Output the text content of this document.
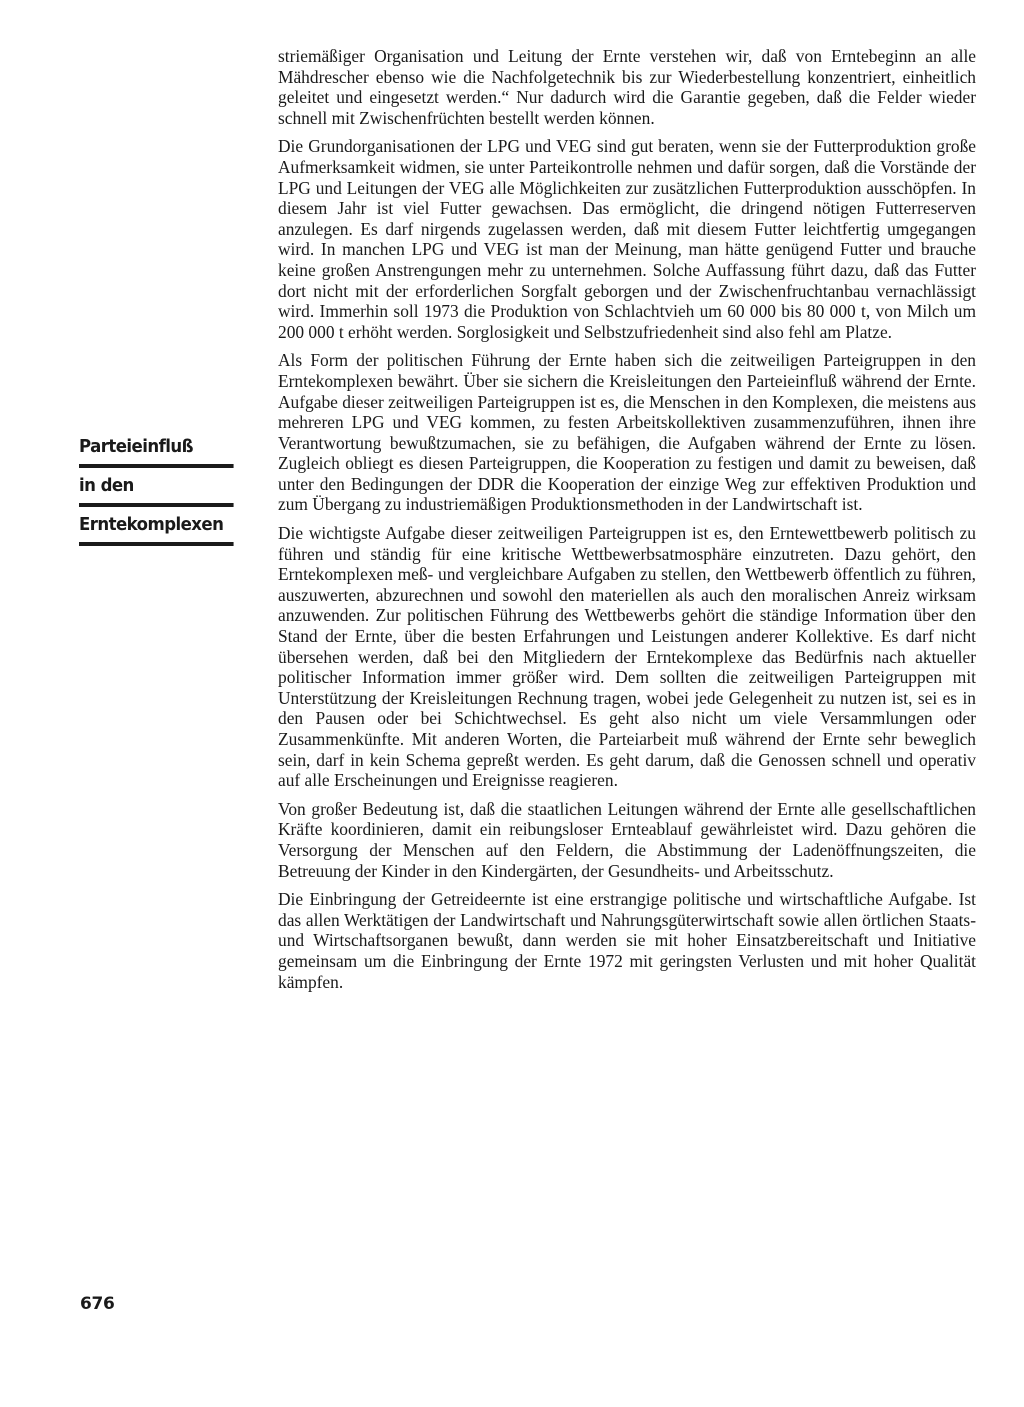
Parteieinfluß
in den
Erntekomplexen

striemäßiger Organisation und Leitung der Ernte verstehen wir, daß von Erntebeginn an alle Mähdrescher ebenso wie die Nachfolgetechnik bis zur Wiederbestellung konzentriert, einheitlich geleitet und eingesetzt werden.“ Nur dadurch wird die Garantie gegeben, daß die Felder wieder schnell mit Zwischenfrüchten bestellt werden können.

Die Grundorganisationen der LPG und VEG sind gut beraten, wenn sie der Futterproduktion große Aufmerksamkeit widmen, sie unter Parteikontrolle nehmen und dafür sorgen, daß die Vorstände der LPG und Leitungen der VEG alle Möglichkeiten zur zusätzlichen Futterproduktion ausschöpfen. In diesem Jahr ist viel Futter gewachsen. Das ermöglicht, die dringend nötigen Futterreserven anzulegen. Es darf nirgends zugelassen werden, daß mit diesem Futter leichtfertig umgegangen wird. In manchen LPG und VEG ist man der Meinung, man hätte genügend Futter und brauche keine großen Anstrengungen mehr zu unternehmen. Solche Auffassung führt dazu, daß das Futter dort nicht mit der erforderlichen Sorgfalt geborgen und der Zwischenfruchtanbau vernachlässigt wird. Immerhin soll 1973 die Produktion von Schlachtvieh um 60 000 bis 80 000 t, von Milch um 200 000 t erhöht werden. Sorglosigkeit und Selbstzufriedenheit sind also fehl am Platze.

Als Form der politischen Führung der Ernte haben sich die zeitweiligen Parteigruppen in den Erntekomplexen bewährt. Über sie sichern die Kreisleitungen den Parteieinfluß während der Ernte. Aufgabe dieser zeitweiligen Parteigruppen ist es, die Menschen in den Komplexen, die meistens aus mehreren LPG und VEG kommen, zu festen Arbeitskollektiven zusammenzuführen, ihnen ihre Verantwortung bewußtzumachen, sie zu befähigen, die Aufgaben während der Ernte zu lösen. Zugleich obliegt es diesen Parteigruppen, die Kooperation zu festigen und damit zu beweisen, daß unter den Bedingungen der DDR die Kooperation der einzige Weg zur effektiven Produktion und zum Übergang zu industriemäßigen Produktionsmethoden in der Landwirtschaft ist.

Die wichtigste Aufgabe dieser zeitweiligen Parteigruppen ist es, den Erntewettbewerb politisch zu führen und ständig für eine kritische Wettbewerbsatmosphäre einzutreten. Dazu gehört, den Erntekomplexen meß- und vergleichbare Aufgaben zu stellen, den Wettbewerb öffentlich zu führen, auszuwerten, abzurechnen und sowohl den materiellen als auch den moralischen Anreiz wirksam anzuwenden. Zur politischen Führung des Wettbewerbs gehört die ständige Information über den Stand der Ernte, über die besten Erfahrungen und Leistungen anderer Kollektive. Es darf nicht übersehen werden, daß bei den Mitgliedern der Erntekomplexe das Bedürfnis nach aktueller politischer Information immer größer wird. Dem sollten die zeitweiligen Parteigruppen mit Unterstützung der Kreisleitungen Rechnung tragen, wobei jede Gelegenheit zu nutzen ist, sei es in den Pausen oder bei Schichtwechsel. Es geht also nicht um viele Versammlungen oder Zusammenkünfte. Mit anderen Worten, die Parteiarbeit muß während der Ernte sehr beweglich sein, darf in kein Schema gepreßt werden. Es geht darum, daß die Genossen schnell und operativ auf alle Erscheinungen und Ereignisse reagieren.

Von großer Bedeutung ist, daß die staatlichen Leitungen während der Ernte alle gesellschaftlichen Kräfte koordinieren, damit ein reibungsloser Ernteablauf gewährleistet wird. Dazu gehören die Versorgung der Menschen auf den Feldern, die Abstimmung der Ladenöffnungszeiten, die Betreuung der Kinder in den Kindergärten, der Gesundheits- und Arbeitsschutz.

Die Einbringung der Getreideernte ist eine erstrangige politische und wirtschaftliche Aufgabe. Ist das allen Werktätigen der Landwirtschaft und Nahrungsgüterwirtschaft sowie allen örtlichen Staats- und Wirtschaftsorganen bewußt, dann werden sie mit hoher Einsatzbereitschaft und Initiative gemeinsam um die Einbringung der Ernte 1972 mit geringsten Verlusten und mit hoher Qualität kämpfen.

676
